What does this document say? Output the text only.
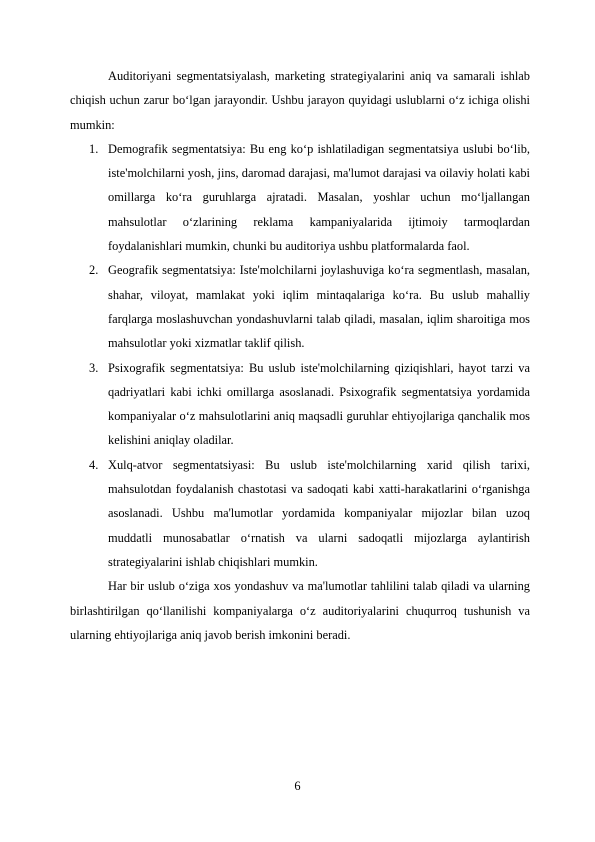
Auditoriyani segmentatsiyalash, marketing strategiyalarini aniq va samarali ishlab chiqish uchun zarur bo‘lgan jarayondir. Ushbu jarayon quyidagi uslublarni o‘z ichiga olishi mumkin:

1. Demografik segmentatsiya: Bu eng ko‘p ishlatiladigan segmentatsiya uslubi bo‘lib, iste'molchilarni yosh, jins, daromad darajasi, ma'lumot darajasi va oilaviy holati kabi omillarga ko‘ra guruhlarga ajratadi. Masalan, yoshlar uchun mo‘ljallangan mahsulotlar o‘zlarining reklama kampaniyalarida ijtimoiy tarmoqlardan foydalanishlari mumkin, chunki bu auditoriya ushbu platformalarda faol.
2. Geografik segmentatsiya: Iste'molchilarni joylashuviga ko‘ra segmentlash, masalan, shahar, viloyat, mamlakat yoki iqlim mintaqalariga ko‘ra. Bu uslub mahalliy farqlarga moslashuvchan yondashuvlarni talab qiladi, masalan, iqlim sharoitiga mos mahsulotlar yoki xizmatlar taklif qilish.
3. Psixografik segmentatsiya: Bu uslub iste'molchilarning qiziqishlari, hayot tarzi va qadriyatlari kabi ichki omillarga asoslanadi. Psixografik segmentatsiya yordamida kompaniyalar o‘z mahsulotlarini aniq maqsadli guruhlar ehtiyojlariga qanchalik mos kelishini aniqlay oladilar.
4. Xulq-atvor segmentatsiyasi: Bu uslub iste'molchilarning xarid qilish tarixi, mahsulotdan foydalanish chastotasi va sadoqati kabi xatti-harakatlarini o‘rganishga asoslanadi. Ushbu ma'lumotlar yordamida kompaniyalar mijozlar bilan uzoq muddatli munosabatlar o‘rnatish va ularni sadoqatli mijozlarga aylantirish strategiyalarini ishlab chiqishlari mumkin.

Har bir uslub o‘ziga xos yondashuv va ma'lumotlar tahlilini talab qiladi va ularning birlashtirilgan qo‘llanilishi kompaniyalarga o‘z auditoriyalarini chuqurroq tushunish va ularning ehtiyojlariga aniq javob berish imkonini beradi.

6
